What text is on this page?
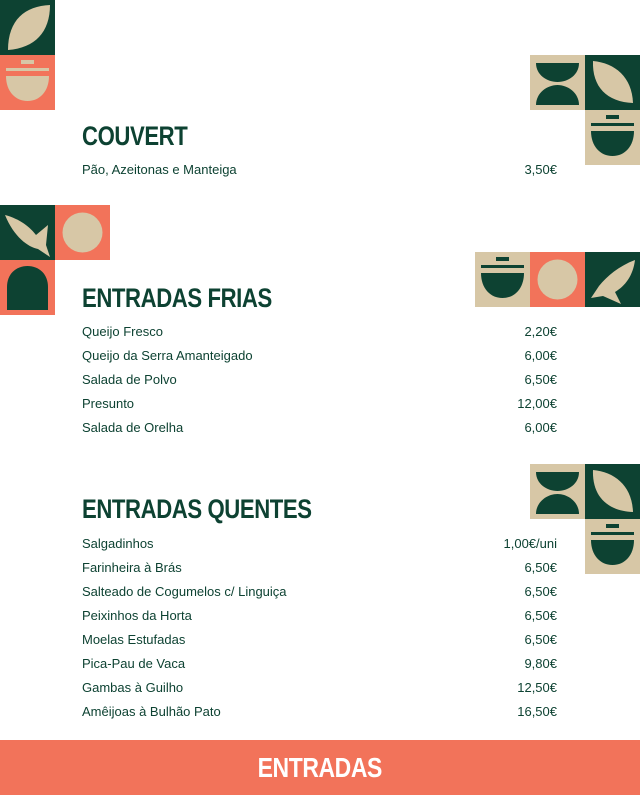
COUVERT
Pão, Azeitonas e Manteiga	3,50€
ENTRADAS FRIAS
Queijo Fresco	2,20€
Queijo da Serra Amanteigado	6,00€
Salada de Polvo	6,50€
Presunto	12,00€
Salada de Orelha	6,00€
ENTRADAS QUENTES
Salgadinhos	1,00€/uni
Farinheira à Brás	6,50€
Salteado de Cogumelos c/ Linguiça	6,50€
Peixinhos da Horta	6,50€
Moelas Estufadas	6,50€
Pica-Pau de Vaca	9,80€
Gambas à Guilho	12,50€
Amêijoas à Bulhão Pato	16,50€
ENTRADAS
